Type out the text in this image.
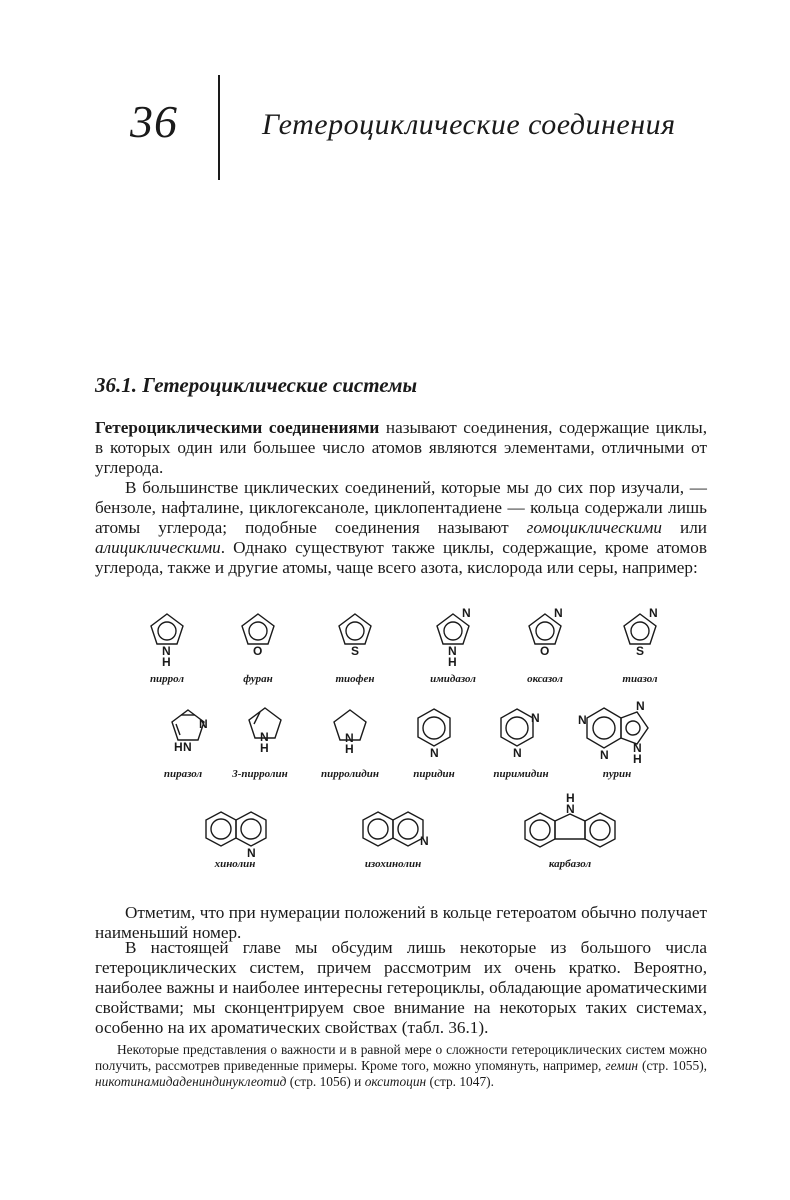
36	Гетероциклические соединения
36.1. Гетероциклические системы

Гетероциклическими соединениями называют соединения, содержащие циклы, в которых один или большее число атомов являются элементами, отличными от углерода.

В большинстве циклических соединений, которые мы до сих пор изучали, — бензоле, нафталине, циклогексаноле, циклопентадиене — кольца содержали лишь атомы углерода; подобные соединения называют гомоциклическими или алициклическими. Однако существуют также циклы, содержащие, кроме атомов углерода, также и другие атомы, чаще всего азота, кислорода или серы, например:

N
H
O	S
N
N
H
N
O
N
S
N
N
H
N
H
N
H	N
N
N
N
N
N
N
H
N
N
N
H
пиррол	фуран	тиофен	имидазол	оксазол	тиазол
пиразол	3-пирролин	пирролидин	пиридин	пиримидин	пурин
хинолин	изохинолин	карбазол

Отметим, что при нумерации положений в кольце гетероатом обычно получает наименьший номер.

В настоящей главе мы обсудим лишь некоторые из большого числа гетероциклических систем, причем рассмотрим их очень кратко. Вероятно, наиболее важны и наиболее интересны гетероциклы, обладающие ароматическими свойствами; мы сконцентрируем свое внимание на некоторых таких системах, особенно на их ароматических свойствах (табл. 36.1).

Некоторые представления о важности и в равной мере о сложности гетероциклических систем можно получить, рассмотрев приведенные примеры. Кроме того, можно упомянуть, например, гемин (стр. 1055), никотинамидадениндинуклеотид (стр. 1056) и окситоцин (стр. 1047).
